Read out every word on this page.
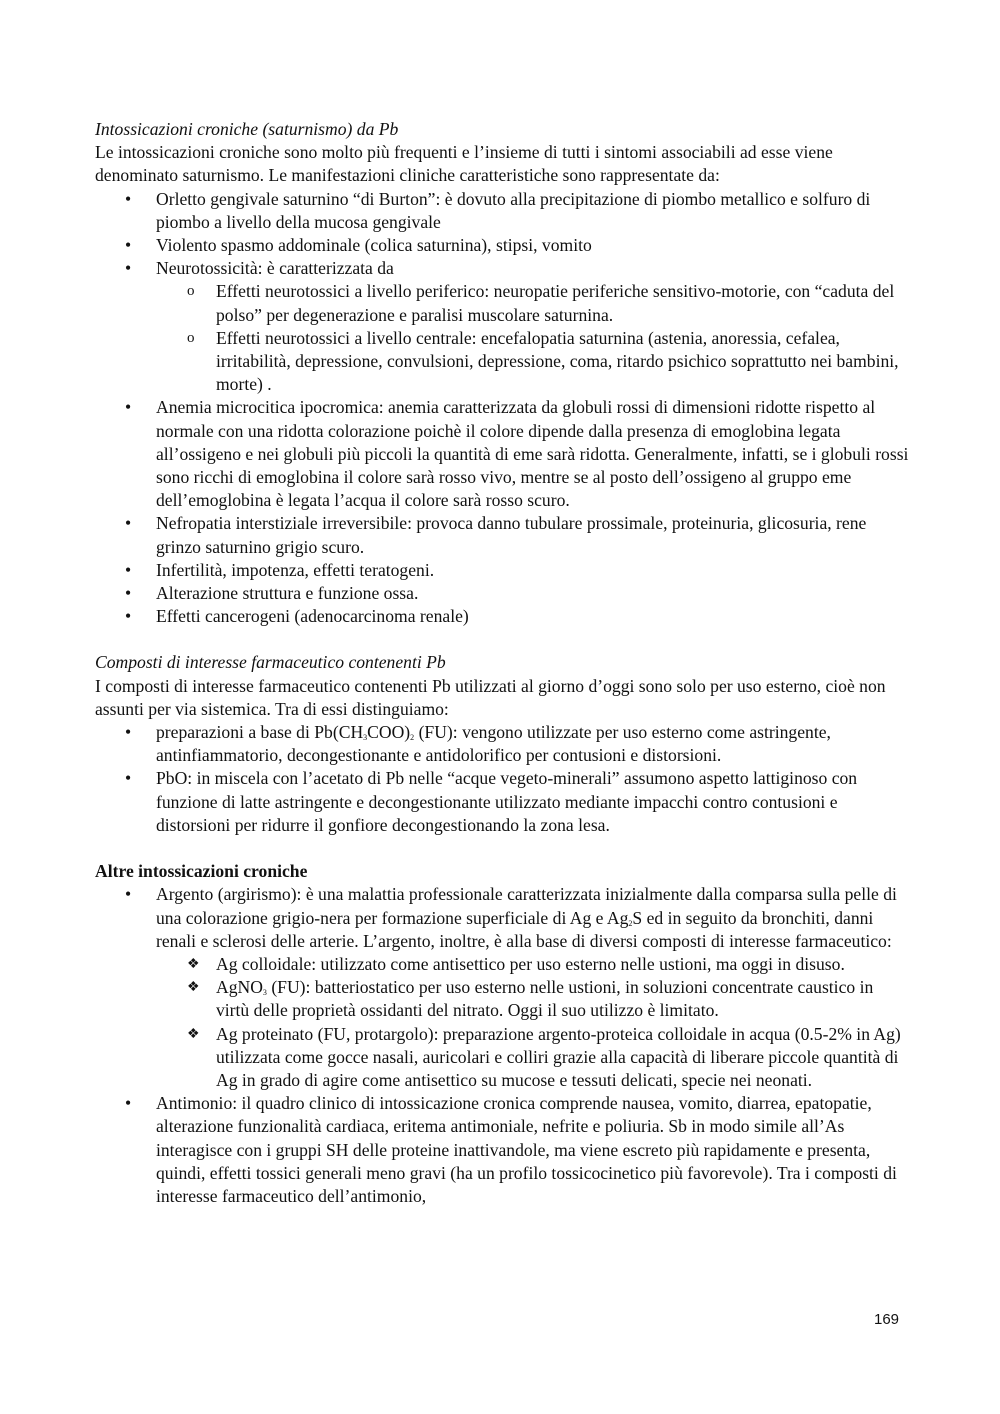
Intossicazioni croniche (saturnismo) da Pb

Le intossicazioni croniche sono molto più frequenti e l’insieme di tutti i sintomi associabili ad esse viene denominato saturnismo. Le manifestazioni cliniche caratteristiche sono rappresentate da:

• Orletto gengivale saturnino “di Burton”: è dovuto alla precipitazione di piombo metallico e solfuro di piombo a livello della mucosa gengivale
• Violento spasmo addominale (colica saturnina), stipsi, vomito
• Neurotossicità: è caratterizzata da
o Effetti neurotossici a livello periferico: neuropatie periferiche sensitivo-motorie, con “caduta del polso” per degenerazione e paralisi muscolare saturnina.
o Effetti neurotossici a livello centrale: encefalopatia saturnina (astenia, anoressia, cefalea, irritabilità, depressione, convulsioni, depressione, coma, ritardo psichico soprattutto nei bambini, morte) .
• Anemia microcitica ipocromica: anemia caratterizzata da globuli rossi di dimensioni ridotte rispetto al normale con una ridotta colorazione poichè il colore dipende dalla presenza di emoglobina legata all’ossigeno e nei globuli più piccoli la quantità di eme sarà ridotta. Generalmente, infatti, se i globuli rossi sono ricchi di emoglobina il colore sarà rosso vivo, mentre se al posto dell’ossigeno al gruppo eme dell’emoglobina è legata l’acqua il colore sarà rosso scuro.
• Nefropatia interstiziale irreversibile: provoca danno tubulare prossimale, proteinuria, glicosuria, rene grinzo saturnino grigio scuro.
• Infertilità, impotenza, effetti teratogeni.
• Alterazione struttura e funzione ossa.
• Effetti cancerogeni (adenocarcinoma renale)

Composti di interesse farmaceutico contenenti Pb

I composti di interesse farmaceutico contenenti Pb utilizzati al giorno d’oggi sono solo per uso esterno, cioè non assunti per via sistemica. Tra di essi distinguiamo:

• preparazioni a base di $Pb(CH_3COO)_2$ (FU): vengono utilizzate per uso esterno come astringente, antinfiammatorio, decongestionante e antidolorifico per contusioni e distorsioni.
• PbO: in miscela con l’acetato di Pb nelle “acque vegeto-minerali” assumono aspetto lattiginoso con funzione di latte astringente e decongestionante utilizzato mediante impacchi contro contusioni e distorsioni per ridurre il gonfiore decongestionando la zona lesa.

Altre intossicazioni croniche

• Argento (argirismo): è una malattia professionale caratterizzata inizialmente dalla comparsa sulla pelle di una colorazione grigio-nera per formazione superficiale di Ag e $Ag_2S$ ed in seguito da bronchiti, danni renali e sclerosi delle arterie. L’argento, inoltre, è alla base di diversi composti di interesse farmaceutico:
❖ Ag colloidale: utilizzato come antisettico per uso esterno nelle ustioni, ma oggi in disuso.
❖ AgNO$_3$ (FU): batteriostatico per uso esterno nelle ustioni, in soluzioni concentrate caustico in virtù delle proprietà ossidanti del nitrato. Oggi il suo utilizzo è limitato.
❖ Ag proteinato (FU, protargolo): preparazione argento-proteica colloidale in acqua (0.5-2% in Ag) utilizzata come gocce nasali, auricolari e colliri grazie alla capacità di liberare piccole quantità di Ag in grado di agire come antisettico su mucose e tessuti delicati, specie nei neonati.
• Antimonio: il quadro clinico di intossicazione cronica comprende nausea, vomito, diarrea, epatopatie, alterazione funzionalità cardiaca, eritema antimoniale, nefrite e poliuria. Sb in modo simile all’As interagisce con i gruppi SH delle proteine inattivandole, ma viene escreto più rapidamente e presenta, quindi, effetti tossici generali meno gravi (ha un profilo tossicocinetico più favorevole). Tra i composti di interesse farmaceutico dell’antimonio,
169
